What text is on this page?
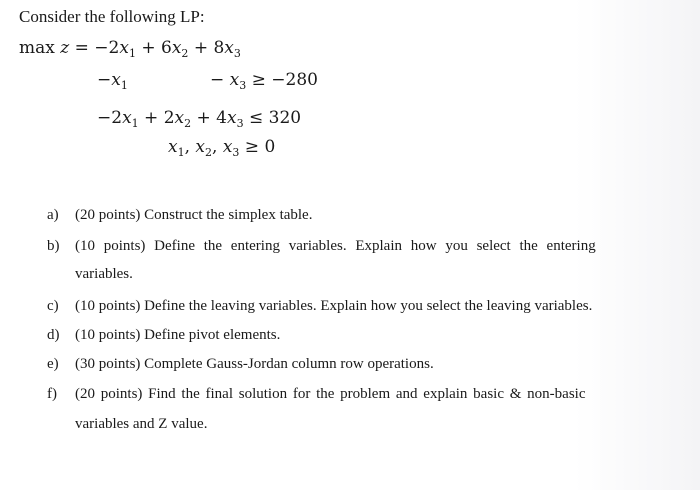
Consider the following LP:
$\max z = -2x_1 + 6x_2 + 8x_3$
$-x_1$	− $x_3 \ge -280$
$-2x_1 + 2x_2 + 4x_3 \le 320$
$x_1$, $x_2$, $x_3 \ge 0$
a) (20 points) Construct the simplex table.
b) (10 points) Define the entering variables. Explain how you select the entering
variables.
c) (10 points) Define the leaving variables. Explain how you select the leaving variables.
d) (10 points) Define pivot elements.
e) (30 points) Complete Gauss-Jordan column row operations.
f) (20 points) Find the final solution for the problem and explain basic & non-basic
variables and Z value.
